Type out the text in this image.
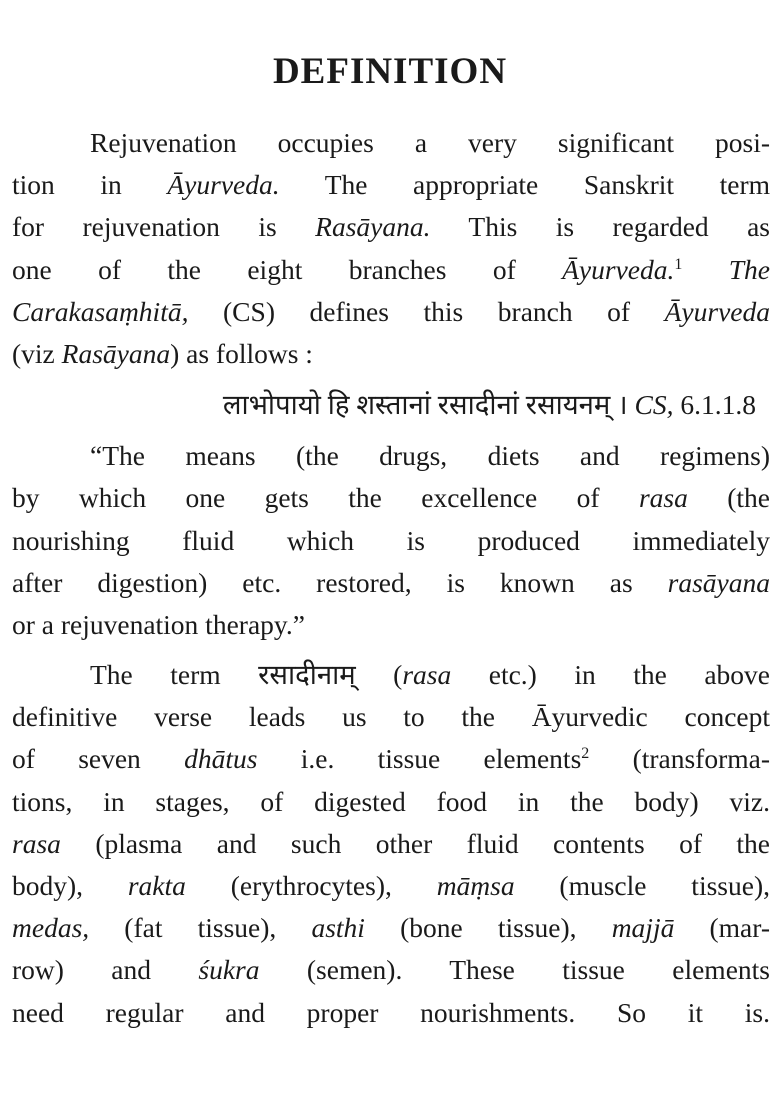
DEFINITION
Rejuvenation occupies a very significant posi-
tion in Āyurveda. The appropriate Sanskrit term
for rejuvenation is Rasāyana. This is regarded as
one of the eight branches of Āyurveda.$^1$ The
Carakasaṃhitā, (CS) defines this branch of Āyurveda
(viz Rasāyana) as follows :
लाभोपायो हि शस्तानां रसादीनां रसायनम् । CS, 6.1.1.8
“The means (the drugs, diets and regimens)
by which one gets the excellence of rasa (the
nourishing fluid which is produced immediately
after digestion) etc. restored, is known as rasāyana
or a rejuvenation therapy.”
The term रसादीनाम् (rasa etc.) in the above
definitive verse leads us to the Āyurvedic concept
of seven dhātus i.e. tissue elements$^2$ (transforma-
tions, in stages, of digested food in the body) viz.
rasa (plasma and such other fluid contents of the
body), rakta (erythrocytes), māṃsa (muscle tissue),
medas, (fat tissue), asthi (bone tissue), majjā (mar-
row) and śukra (semen). These tissue elements
need regular and proper nourishments. So it is.
